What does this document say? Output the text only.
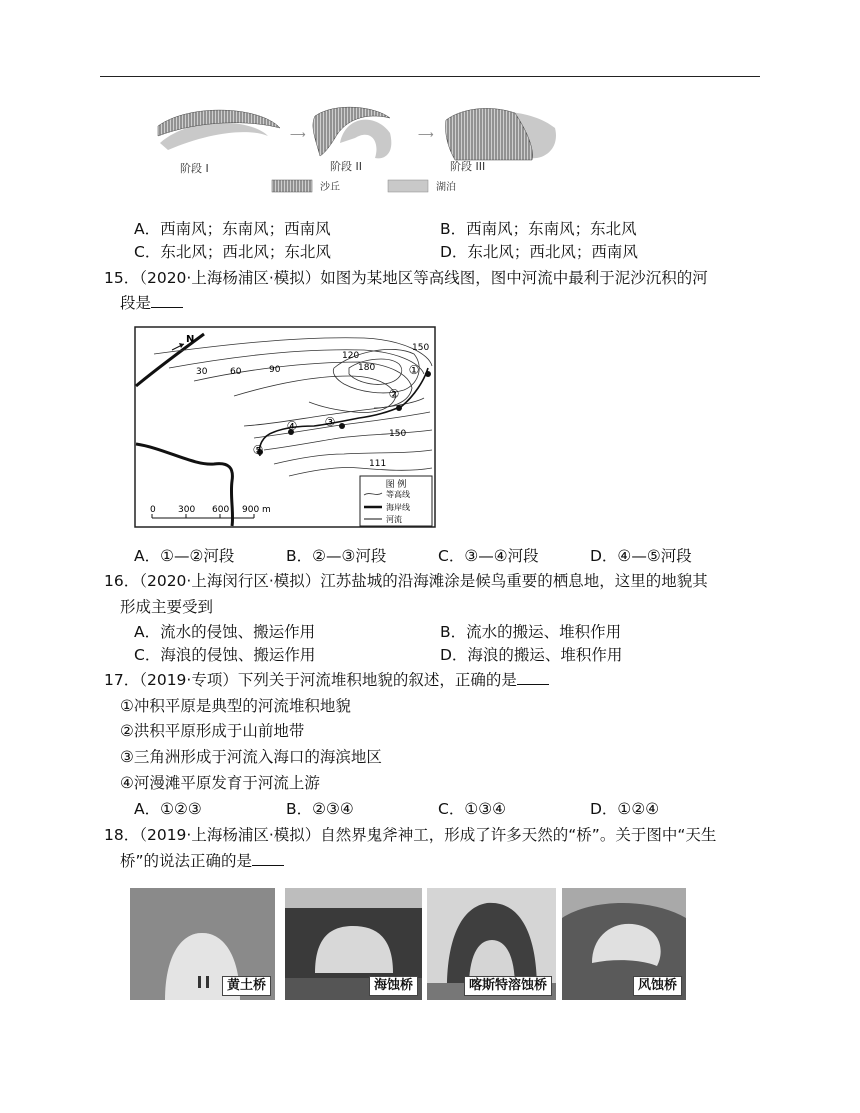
⟶	⟶
阶段 I	阶段 II	阶段 III
沙丘	湖泊
A．西南风；东南风；西南风	B．西南风；东南风；东北风
C．东北风；西北风；东北风	D．东北风；西北风；西南风
15．（2020·上海杨浦区·模拟）如图为某地区等高线图，图中河流中最利于泥沙沉积的河
段是
①
②
③
④
⑤
30	60	90
120
180
150
150
111
N
0 300 600 900 m
图 例
等高线
海岸线
河流
A．①—②河段	B．②—③河段	C．③—④河段	D．④—⑤河段
16．（2020·上海闵行区·模拟）江苏盐城的沿海滩涂是候鸟重要的栖息地，这里的地貌其
形成主要受到
A．流水的侵蚀、搬运作用	B．流水的搬运、堆积作用
C．海浪的侵蚀、搬运作用	D．海浪的搬运、堆积作用
17．（2019·专项）下列关于河流堆积地貌的叙述，正确的是
①冲积平原是典型的河流堆积地貌
②洪积平原形成于山前地带
③三角洲形成于河流入海口的海滨地区
④河漫滩平原发育于河流上游
A．①②③	B．②③④	C．①③④	D．①②④
18．（2019·上海杨浦区·模拟）自然界鬼斧神工，形成了许多天然的“桥”。关于图中“天生
桥”的说法正确的是
黄土桥	海蚀桥	喀斯特溶蚀桥	风蚀桥
